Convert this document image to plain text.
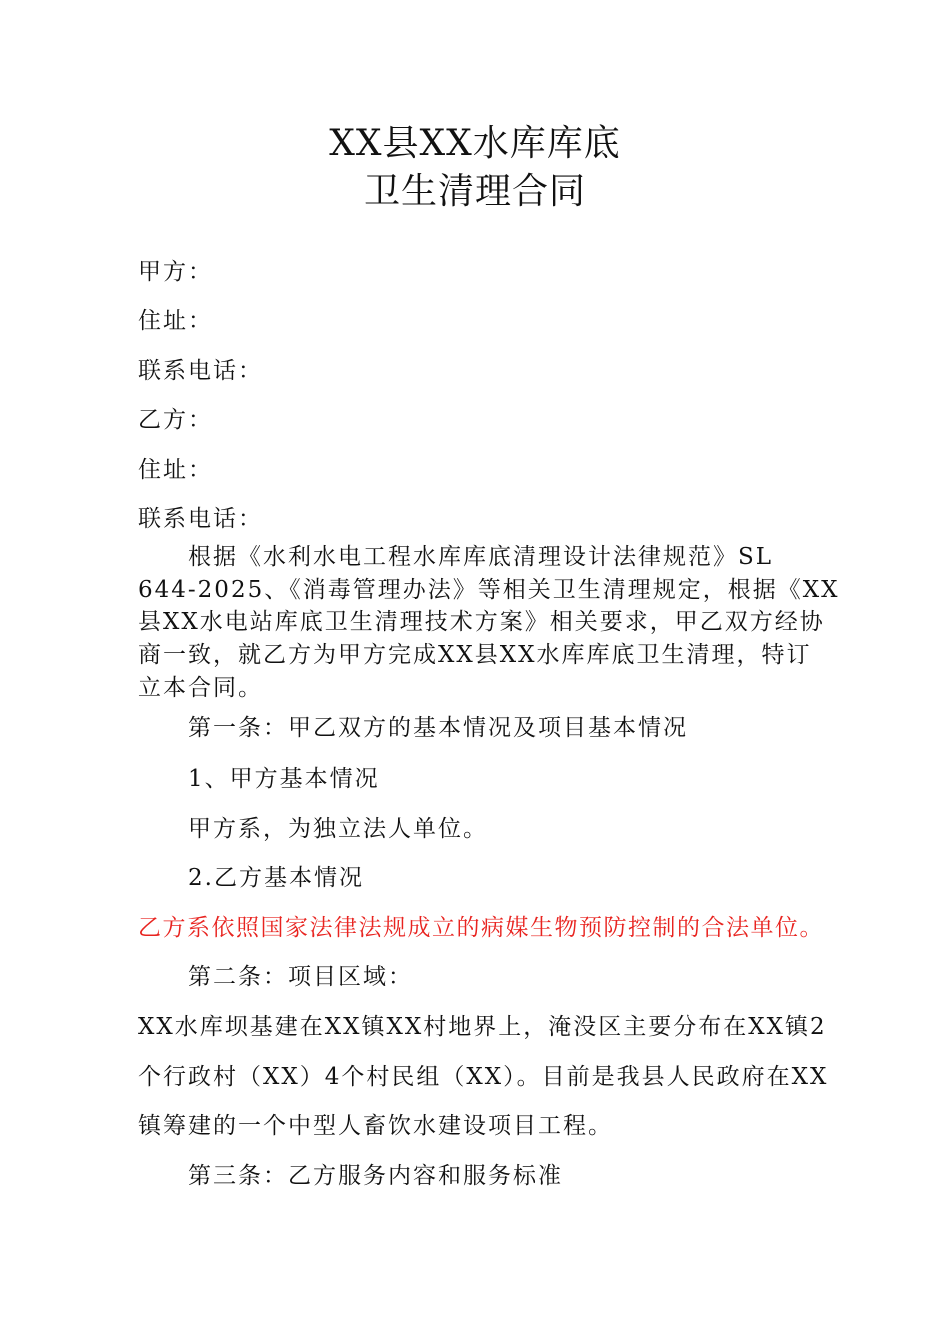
XX县XX水库库底
卫生清理合同
甲方：
住址：
联系电话：
乙方：
住址：
联系电话：
根据《水利水电工程水库库底清理设计法律规范》SL
644-2025、《消毒管理办法》等相关卫生清理规定，根据《XX
县XX水电站库底卫生清理技术方案》相关要求，甲乙双方经协
商一致，就乙方为甲方完成XX县XX水库库底卫生清理，特订
立本合同。
第一条：甲乙双方的基本情况及项目基本情况
1、甲方基本情况
甲方系，为独立法人单位。
2.乙方基本情况
乙方系依照国家法律法规成立的病媒生物预防控制的合法单位。
第二条：项目区域：
XX水库坝基建在XX镇XX村地界上，淹没区主要分布在XX镇2
个行政村（XX）4个村民组（XX）。目前是我县人民政府在XX
镇筹建的一个中型人畜饮水建设项目工程。
第三条：乙方服务内容和服务标准
